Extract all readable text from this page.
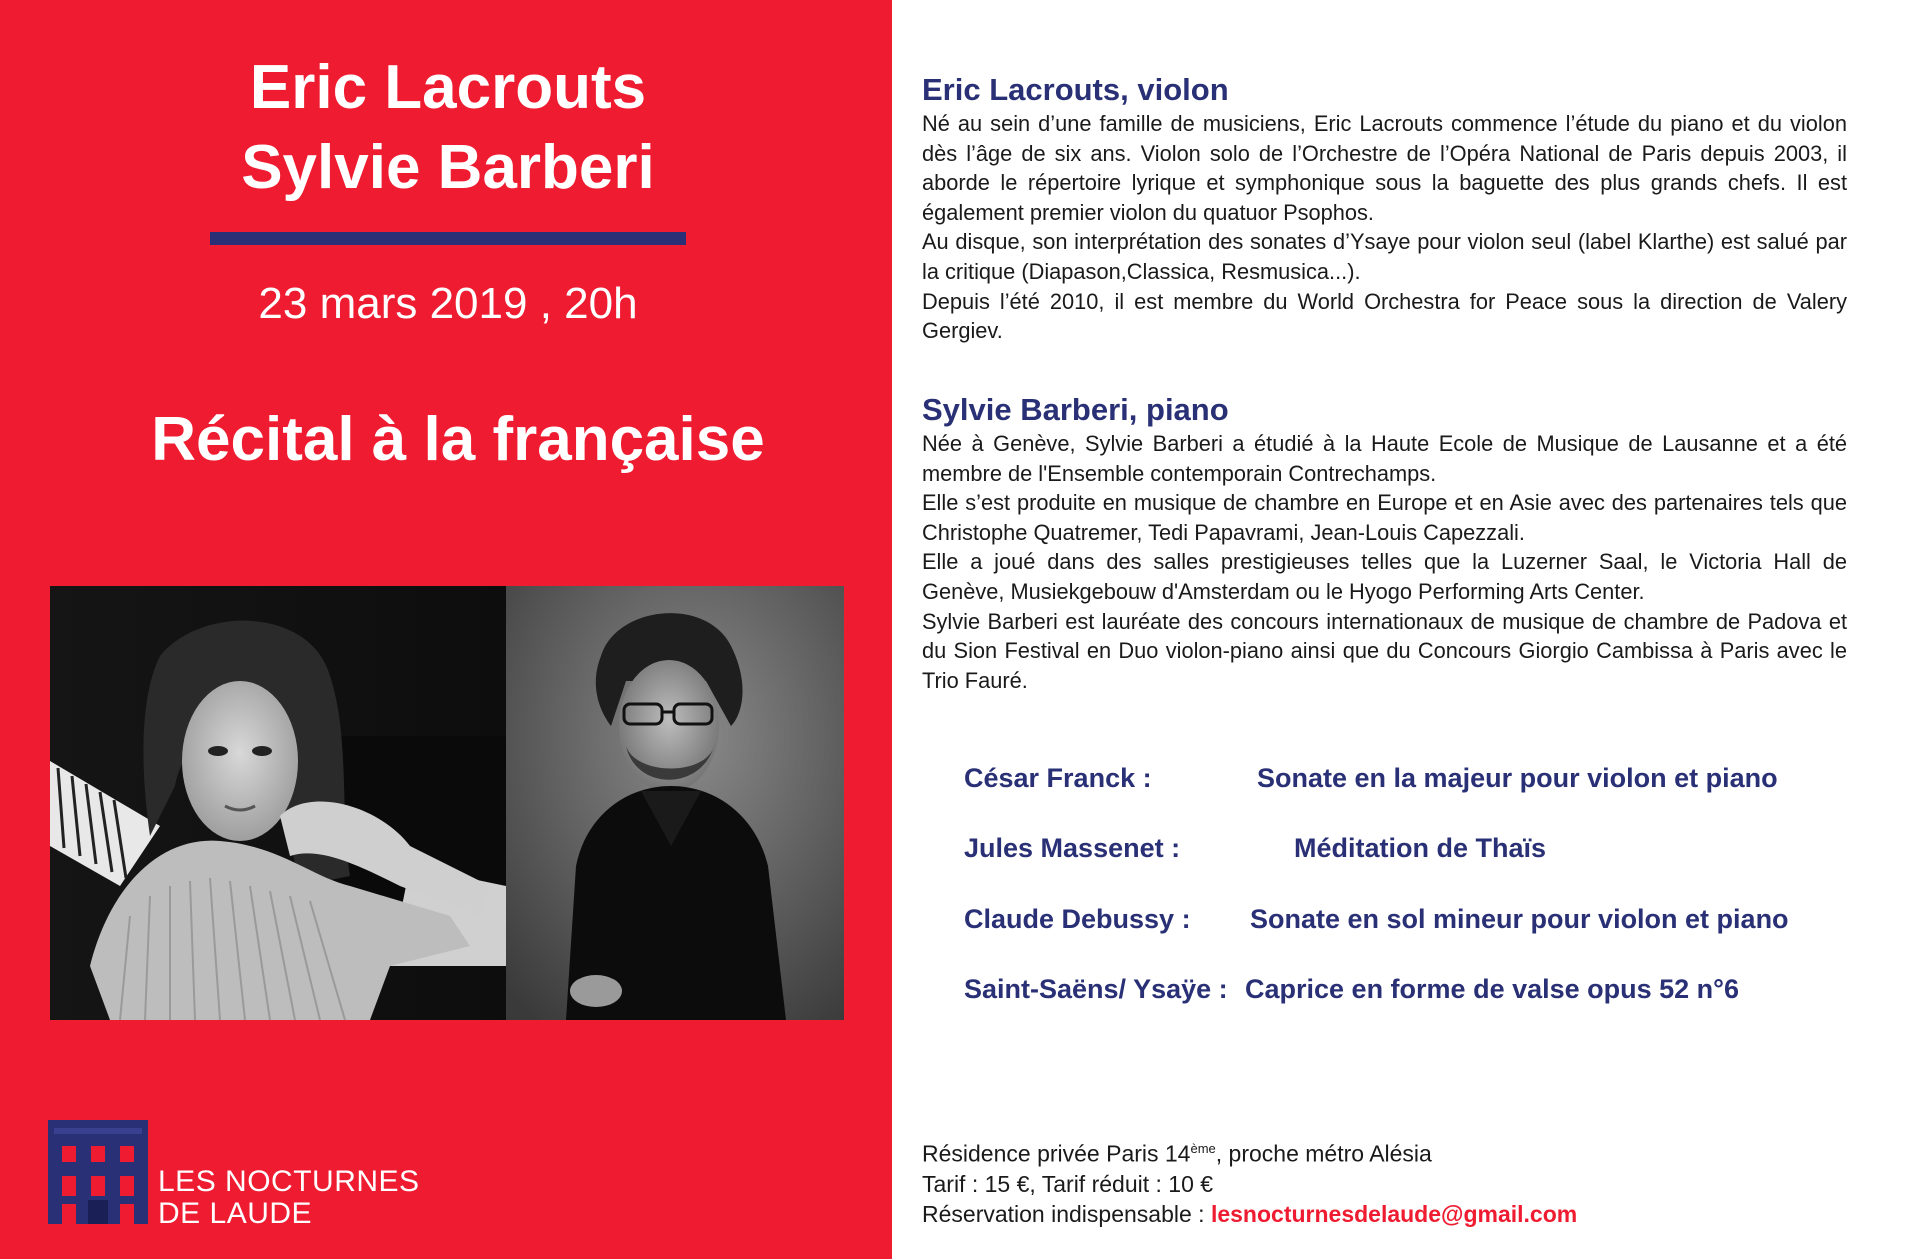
Eric Lacrouts
Sylvie Barberi
23 mars 2019 , 20h
Récital à la française
LES NOCTURNES
DE LAUDE
Eric Lacrouts, violon

Né au sein d’une famille de musiciens, Eric Lacrouts commence l’étude du piano et du violon dès l’âge de six ans. Violon solo de l’Orchestre de l’Opéra National de Paris depuis 2003, il aborde le répertoire lyrique et symphonique sous la baguette des plus grands chefs. Il est également premier violon du quatuor Psophos.

Au disque, son interprétation des sonates d’Ysaye pour violon seul (label Klarthe) est salué par la critique (Diapason,Classica, Resmusica...).

Depuis l’été 2010, il est membre du World Orchestra for Peace sous la direction de Valery Gergiev.

Sylvie Barberi, piano

Née à Genève, Sylvie Barberi a étudié à la Haute Ecole de Musique de Lausanne et a été membre de l'Ensemble contemporain Contrechamps.

Elle s’est produite en musique de chambre en Europe et en Asie avec des partenaires tels que Christophe Quatremer, Tedi Papavrami, Jean-Louis Capezzali.

Elle a joué dans des salles prestigieuses telles que la Luzerner Saal, le Victoria Hall de Genève, Musiekgebouw d'Amsterdam ou le Hyogo Performing Arts Center.

Sylvie Barberi est lauréate des concours internationaux de musique de chambre de Padova et du Sion Festival en Duo violon-piano ainsi que du Concours Giorgio Cambissa à Paris avec le Trio Fauré.

César Franck :	Sonate en la majeur pour violon et piano
Jules Massenet :	Méditation de Thaïs
Claude Debussy : Sonate en sol mineur pour violon et piano
Saint-Saëns/ Ysaÿe : Caprice en forme de valse opus 52 n°6
Résidence privée Paris 14ème, proche métro Alésia
Tarif : 15 €, Tarif réduit : 10 €
Réservation indispensable : lesnocturnesdelaude@gmail.com
